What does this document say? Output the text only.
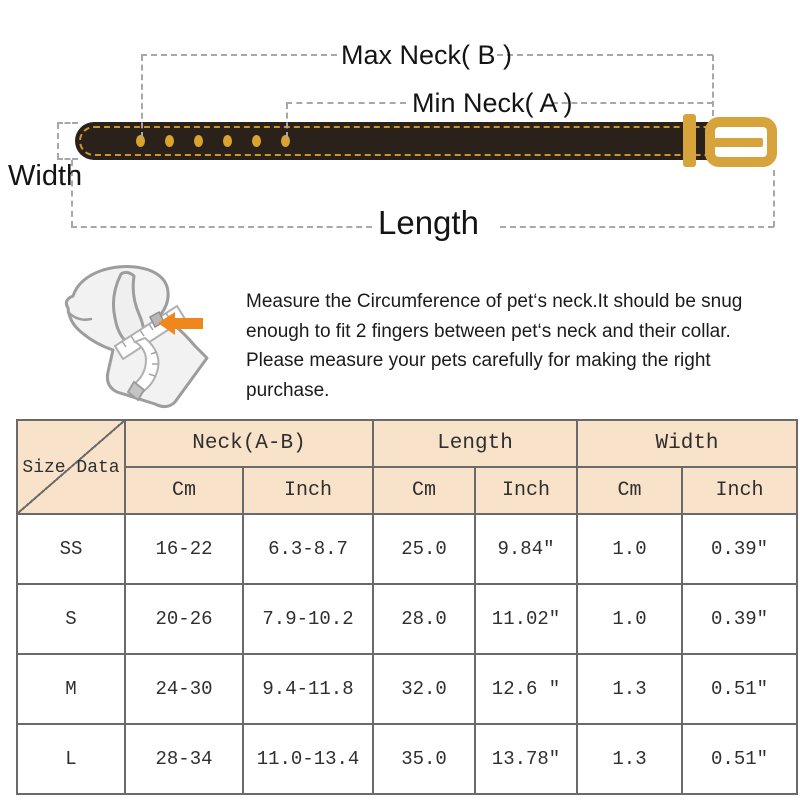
Max Neck( B )
Min Neck( A )
Width
Length
Measure the Circumference of pet‘s neck.It should be snug
enough to fit 2 fingers between pet‘s neck and their collar.
Please measure your pets carefully for making the right
purchase.
Size Data	Neck(A-B)		Length		Width	
	Cm	Inch	Cm	Inch	Cm	Inch
SS	16-22	6.3-8.7	25.0	9.84″	1.0	0.39″
S	20-26	7.9-10.2	28.0	11.02″	1.0	0.39″
M	24-30	9.4-11.8	32.0	12.6 ″	1.3	0.51″
L	28-34	11.0-13.4	35.0	13.78″	1.3	0.51″
